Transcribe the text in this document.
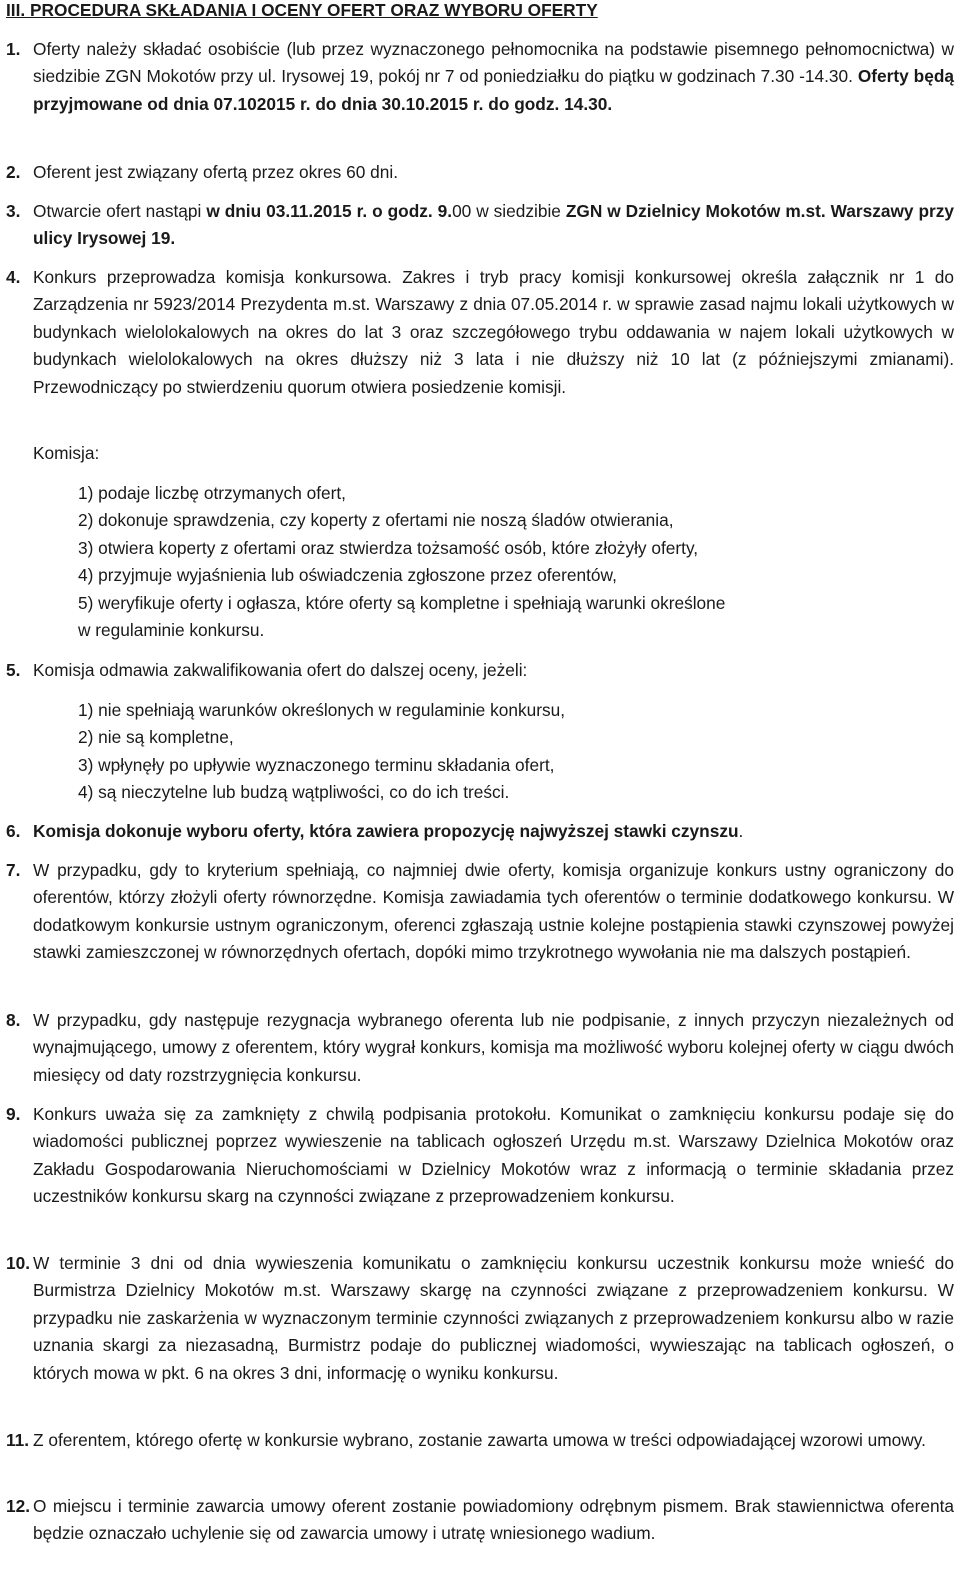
III. PROCEDURA SKŁADANIA I OCENY OFERT ORAZ WYBORU OFERTY
1. Oferty należy składać osobiście (lub przez wyznaczonego pełnomocnika na podstawie pisemnego pełnomocnictwa) w siedzibie ZGN Mokotów przy ul. Irysowej 19, pokój nr 7 od poniedziałku do piątku w godzinach 7.30 -14.30. Oferty będą przyjmowane od dnia 07.102015 r. do dnia 30.10.2015 r. do godz. 14.30.
2. Oferent jest związany ofertą przez okres 60 dni.
3. Otwarcie ofert nastąpi w dniu 03.11.2015 r. o godz. 9.00 w siedzibie ZGN w Dzielnicy Mokotów m.st. Warszawy przy ulicy Irysowej 19.
4. Konkurs przeprowadza komisja konkursowa. Zakres i tryb pracy komisji konkursowej określa załącznik nr 1 do Zarządzenia nr 5923/2014 Prezydenta m.st. Warszawy z dnia 07.05.2014 r. w sprawie zasad najmu lokali użytkowych w budynkach wielolokalowych na okres do lat 3 oraz szczegółowego trybu oddawania w najem lokali użytkowych w budynkach wielolokalowych na okres dłuższy niż 3 lata i nie dłuższy niż 10 lat (z późniejszymi zmianami). Przewodniczący po stwierdzeniu quorum otwiera posiedzenie komisji.
Komisja:
1) podaje liczbę otrzymanych ofert,
2) dokonuje sprawdzenia, czy koperty z ofertami nie noszą śladów otwierania,
3) otwiera koperty z ofertami oraz stwierdza tożsamość osób, które złożyły oferty,
4) przyjmuje wyjaśnienia lub oświadczenia zgłoszone przez oferentów,
5) weryfikuje oferty i ogłasza, które oferty są kompletne i spełniają warunki określone
w regulaminie konkursu.
5. Komisja odmawia zakwalifikowania ofert do dalszej oceny, jeżeli:
1) nie spełniają warunków określonych w regulaminie konkursu,
2) nie są kompletne,
3) wpłynęły po upływie wyznaczonego terminu składania ofert,
4) są nieczytelne lub budzą wątpliwości, co do ich treści.
6. Komisja dokonuje wyboru oferty, która zawiera propozycję najwyższej stawki czynszu.
7. W przypadku, gdy to kryterium spełniają, co najmniej dwie oferty, komisja organizuje konkurs ustny ograniczony do oferentów, którzy złożyli oferty równorzędne. Komisja zawiadamia tych oferentów o terminie dodatkowego konkursu. W dodatkowym konkursie ustnym ograniczonym, oferenci zgłaszają ustnie kolejne postąpienia stawki czynszowej powyżej stawki zamieszczonej w równorzędnych ofertach, dopóki mimo trzykrotnego wywołania nie ma dalszych postąpień.
8. W przypadku, gdy następuje rezygnacja wybranego oferenta lub nie podpisanie, z innych przyczyn niezależnych od wynajmującego, umowy z oferentem, który wygrał konkurs, komisja ma możliwość wyboru kolejnej oferty w ciągu dwóch miesięcy od daty rozstrzygnięcia konkursu.
9. Konkurs uważa się za zamknięty z chwilą podpisania protokołu. Komunikat o zamknięciu konkursu podaje się do wiadomości publicznej poprzez wywieszenie na tablicach ogłoszeń Urzędu m.st. Warszawy Dzielnica Mokotów oraz Zakładu Gospodarowania Nieruchomościami w Dzielnicy Mokotów wraz z informacją o terminie składania przez uczestników konkursu skarg na czynności związane z przeprowadzeniem konkursu.
10. W terminie 3 dni od dnia wywieszenia komunikatu o zamknięciu konkursu uczestnik konkursu może wnieść do Burmistrza Dzielnicy Mokotów m.st. Warszawy skargę na czynności związane z przeprowadzeniem konkursu. W przypadku nie zaskarżenia w wyznaczonym terminie czynności związanych z przeprowadzeniem konkursu albo w razie uznania skargi za niezasadną, Burmistrz podaje do publicznej wiadomości, wywieszając na tablicach ogłoszeń, o których mowa w pkt. 6 na okres 3 dni, informację o wyniku konkursu.
11. Z oferentem, którego ofertę w konkursie wybrano, zostanie zawarta umowa w treści odpowiadającej wzorowi umowy.
12. O miejscu i terminie zawarcia umowy oferent zostanie powiadomiony odrębnym pismem. Brak stawiennictwa oferenta będzie oznaczało uchylenie się od zawarcia umowy i utratę wniesionego wadium.
